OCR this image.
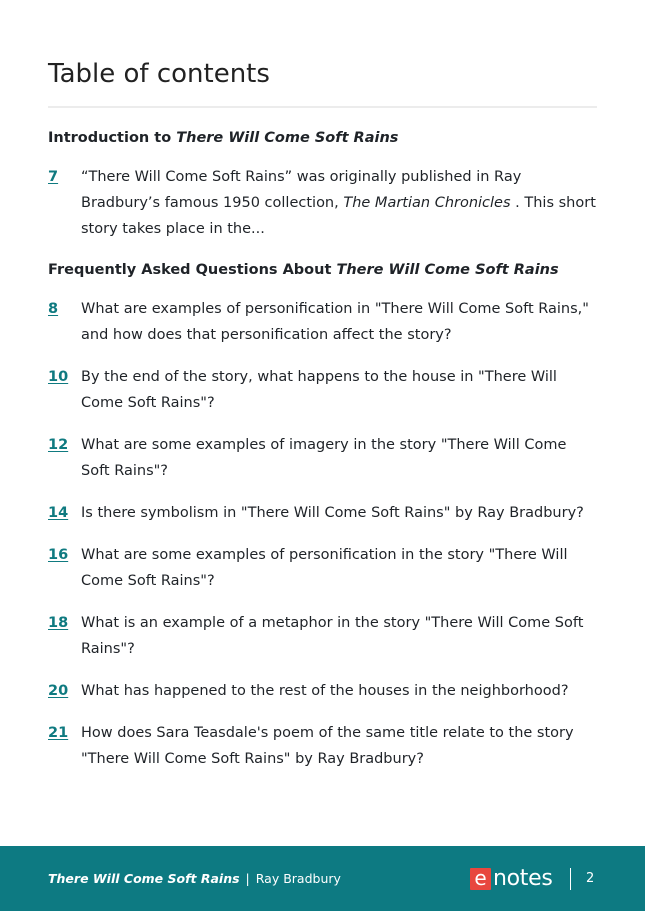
Table of contents
Introduction to There Will Come Soft Rains
7	“There Will Come Soft Rains” was originally published in Ray Bradbury’s famous 1950 collection, The Martian Chronicles . This short story takes place in the...
Frequently Asked Questions About There Will Come Soft Rains
8	What are examples of personification in "There Will Come Soft Rains," and how does that personification affect the story?
10 By the end of the story, what happens to the house in "There Will Come Soft Rains"?
12 What are some examples of imagery in the story "There Will Come Soft Rains"?
14 Is there symbolism in "There Will Come Soft Rains" by Ray Bradbury?
16 What are some examples of personification in the story "There Will Come Soft Rains"?
18 What is an example of a metaphor in the story "There Will Come Soft Rains"?
20 What has happened to the rest of the houses in the neighborhood?
21 How does Sara Teasdale's poem of the same title relate to the story "There Will Come Soft Rains" by Ray Bradbury?
There Will Come Soft Rains | Ray Bradbury	e notes	2
